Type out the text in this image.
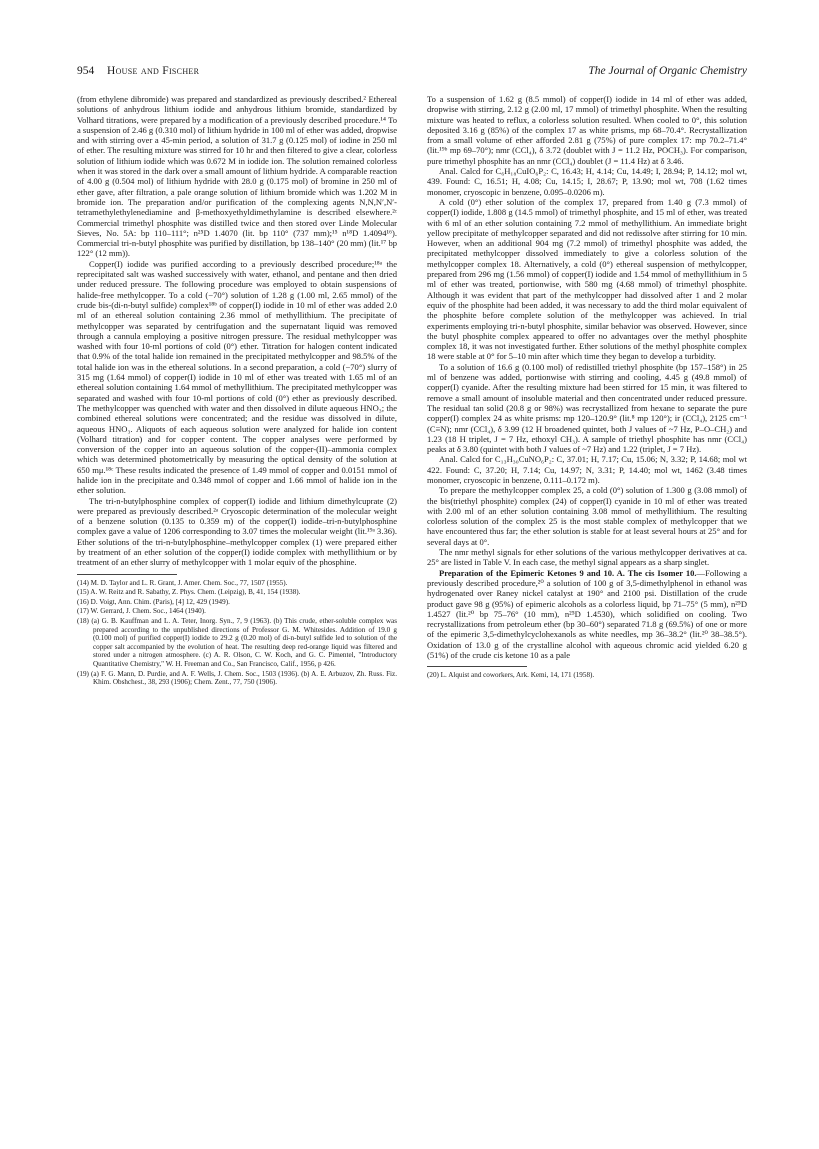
954 House and Fischer	The Journal of Organic Chemistry

(from ethylene dibromide) was prepared and standardized as previously described.² Ethereal solutions of anhydrous lithium iodide and anhydrous lithium bromide, standardized by Volhard titrations, were prepared by a modification of a previously described procedure.¹⁴ To a suspension of 2.46 g (0.310 mol) of lithium hydride in 100 ml of ether was added, dropwise and with stirring over a 45-min period, a solution of 31.7 g (0.125 mol) of iodine in 250 ml of ether. The resulting mixture was stirred for 10 hr and then filtered to give a clear, colorless solution of lithium iodide which was 0.672 M in iodide ion. The solution remained colorless when it was stored in the dark over a small amount of lithium hydride. A comparable reaction of 4.00 g (0.504 mol) of lithium hydride with 28.0 g (0.175 mol) of bromine in 250 ml of ether gave, after filtration, a pale orange solution of lithium bromide which was 1.202 M in bromide ion. The preparation and/or purification of the complexing agents N,N,N′,N′-tetramethylethylenediamine and β-methoxyethyldimethylamine is described elsewhere.²ᶜ Commercial trimethyl phosphite was distilled twice and then stored over Linde Molecular Sieves, No. 5A: bp 110–111°; n²⁵D 1.4070 (lit. bp 110° (737 mm);¹⁵ n¹⁸D 1.4094¹⁶). Commercial tri-n-butyl phosphite was purified by distillation, bp 138–140° (20 mm) (lit.¹⁷ bp 122° (12 mm)).

Copper(I) iodide was purified according to a previously described procedure;¹⁸ᵃ the reprecipitated salt was washed successively with water, ethanol, and pentane and then dried under reduced pressure. The following procedure was employed to obtain suspensions of halide-free methylcopper. To a cold (−70°) solution of 1.28 g (1.00 ml, 2.65 mmol) of the crude bis-(di-n-butyl sulfide) complex¹⁸ᵇ of copper(I) iodide in 10 ml of ether was added 2.0 ml of an ethereal solution containing 2.36 mmol of methyllithium. The precipitate of methylcopper was separated by centrifugation and the supernatant liquid was removed through a cannula employing a positive nitrogen pressure. The residual methylcopper was washed with four 10-ml portions of cold (0°) ether. Titration for halogen content indicated that 0.9% of the total halide ion remained in the precipitated methylcopper and 98.5% of the total halide ion was in the ethereal solutions. In a second preparation, a cold (−70°) slurry of 315 mg (1.64 mmol) of copper(I) iodide in 10 ml of ether was treated with 1.65 ml of an ethereal solution containing 1.64 mmol of methyllithium. The precipitated methylcopper was separated and washed with four 10-ml portions of cold (0°) ether as previously described. The methylcopper was quenched with water and then dissolved in dilute aqueous HNO₃; the combined ethereal solutions were concentrated; and the residue was dissolved in dilute, aqueous HNO₃. Aliquots of each aqueous solution were analyzed for halide ion content (Volhard titration) and for copper content. The copper analyses were performed by conversion of the copper into an aqueous solution of the copper-(II)–ammonia complex which was determined photometrically by measuring the optical density of the solution at 650 mμ.¹⁸ᶜ These results indicated the presence of 1.49 mmol of copper and 0.0151 mmol of halide ion in the precipitate and 0.348 mmol of copper and 1.66 mmol of halide ion in the ether solution.

The tri-n-butylphosphine complex of copper(I) iodide and lithium dimethylcuprate (2) were prepared as previously described.²ᵃ Cryoscopic determination of the molecular weight of a benzene solution (0.135 to 0.359 m) of the copper(I) iodide–tri-n-butylphosphine complex gave a value of 1206 corresponding to 3.07 times the molecular weight (lit.¹⁹ᵃ 3.36). Ether solutions of the tri-n-butylphosphine–methylcopper complex (1) were prepared either by treatment of an ether solution of the copper(I) iodide complex with methyllithium or by treatment of an ether slurry of methylcopper with 1 molar equiv of the phosphine.

(14) M. D. Taylor and L. R. Grant, J. Amer. Chem. Soc., 77, 1507 (1955).

(15) A. W. Reitz and R. Sabathy, Z. Phys. Chem. (Leipzig), B, 41, 154 (1938).

(16) D. Voigt, Ann. Chim. (Paris), [4] 12, 429 (1949).

(17) W. Gerrard, J. Chem. Soc., 1464 (1940).

(18) (a) G. B. Kauffman and L. A. Teter, Inorg. Syn., 7, 9 (1963). (b) This crude, ether-soluble complex was prepared according to the unpublished directions of Professor G. M. Whitesides. Addition of 19.0 g (0.100 mol) of purified copper(I) iodide to 29.2 g (0.20 mol) of di-n-butyl sulfide led to solution of the copper salt accompanied by the evolution of heat. The resulting deep red-orange liquid was filtered and stored under a nitrogen atmosphere. (c) A. R. Olson, C. W. Koch, and G. C. Pimentel, "Introductory Quantitative Chemistry," W. H. Freeman and Co., San Francisco, Calif., 1956, p 426.

(19) (a) F. G. Mann, D. Purdie, and A. F. Wells, J. Chem. Soc., 1503 (1936). (b) A. E. Arbuzov, Zh. Russ. Fiz. Khim. Obshchest., 38, 293 (1906); Chem. Zent., 77, 750 (1906).

To a suspension of 1.62 g (8.5 mmol) of copper(I) iodide in 14 ml of ether was added, dropwise with stirring, 2.12 g (2.00 ml, 17 mmol) of trimethyl phosphite. When the resulting mixture was heated to reflux, a colorless solution resulted. When cooled to 0°, this solution deposited 3.16 g (85%) of the complex 17 as white prisms, mp 68–70.4°. Recrystallization from a small volume of ether afforded 2.81 g (75%) of pure complex 17: mp 70.2–71.4° (lit.¹⁹ᵇ mp 69–70°); nmr (CCl₄), δ 3.72 (doublet with J = 11.2 Hz, POCH₃). For comparison, pure trimethyl phosphite has an nmr (CCl₄) doublet (J = 11.4 Hz) at δ 3.46.

Anal. Calcd for C₆H₁₈CuIO₆P₂: C, 16.43; H, 4.14; Cu, 14.49; I, 28.94; P, 14.12; mol wt, 439. Found: C, 16.51; H, 4.08; Cu, 14.15; I, 28.67; P, 13.90; mol wt, 708 (1.62 times monomer, cryoscopic in benzene, 0.095–0.0206 m).

A cold (0°) ether solution of the complex 17, prepared from 1.40 g (7.3 mmol) of copper(I) iodide, 1.808 g (14.5 mmol) of trimethyl phosphite, and 15 ml of ether, was treated with 6 ml of an ether solution containing 7.2 mmol of methyllithium. An immediate bright yellow precipitate of methylcopper separated and did not redissolve after stirring for 10 min. However, when an additional 904 mg (7.2 mmol) of trimethyl phosphite was added, the precipitated methylcopper dissolved immediately to give a colorless solution of the methylcopper complex 18. Alternatively, a cold (0°) ethereal suspension of methylcopper, prepared from 296 mg (1.56 mmol) of copper(I) iodide and 1.54 mmol of methyllithium in 5 ml of ether was treated, portionwise, with 580 mg (4.68 mmol) of trimethyl phosphite. Although it was evident that part of the methylcopper had dissolved after 1 and 2 molar equiv of the phosphite had been added, it was necessary to add the third molar equivalent of the phosphite before complete solution of the methylcopper was achieved. In trial experiments employing tri-n-butyl phosphite, similar behavior was observed. However, since the butyl phosphite complex appeared to offer no advantages over the methyl phosphite complex 18, it was not investigated further. Ether solutions of the methyl phosphite complex 18 were stable at 0° for 5–10 min after which time they began to develop a turbidity.

To a solution of 16.6 g (0.100 mol) of redistilled triethyl phosphite (bp 157–158°) in 25 ml of benzene was added, portionwise with stirring and cooling, 4.45 g (49.8 mmol) of copper(I) cyanide. After the resulting mixture had been stirred for 15 min, it was filtered to remove a small amount of insoluble material and then concentrated under reduced pressure. The residual tan solid (20.8 g or 98%) was recrystallized from hexane to separate the pure copper(I) complex 24 as white prisms: mp 120–120.9° (lit.⁸ mp 120°); ir (CCl₄), 2125 cm⁻¹ (C≡N); nmr (CCl₄), δ 3.99 (12 H broadened quintet, both J values of ~7 Hz, P–O–CH₂) and 1.23 (18 H triplet, J = 7 Hz, ethoxyl CH₃). A sample of triethyl phosphite has nmr (CCl₄) peaks at δ 3.80 (quintet with both J values of ~7 Hz) and 1.22 (triplet, J = 7 Hz).

Anal. Calcd for C₁₃H₃₀CuNO₆P₂: C, 37.01; H, 7.17; Cu, 15.06; N, 3.32; P, 14.68; mol wt 422. Found: C, 37.20; H, 7.14; Cu, 14.97; N, 3.31; P, 14.40; mol wt, 1462 (3.48 times monomer, cryoscopic in benzene, 0.111–0.172 m).

To prepare the methylcopper complex 25, a cold (0°) solution of 1.300 g (3.08 mmol) of the bis(triethyl phosphite) complex (24) of copper(I) cyanide in 10 ml of ether was treated with 2.00 ml of an ether solution containing 3.08 mmol of methyllithium. The resulting colorless solution of the complex 25 is the most stable complex of methylcopper that we have encountered thus far; the ether solution is stable for at least several hours at 25° and for several days at 0°.

The nmr methyl signals for ether solutions of the various methylcopper derivatives at ca. 25° are listed in Table V. In each case, the methyl signal appears as a sharp singlet.

Preparation of the Epimeric Ketones 9 and 10. A. The cis Isomer 10.—Following a previously described procedure,²⁰ a solution of 100 g of 3,5-dimethylphenol in ethanol was hydrogenated over Raney nickel catalyst at 190° and 2100 psi. Distillation of the crude product gave 98 g (95%) of epimeric alcohols as a colorless liquid, bp 71–75° (5 mm), n²⁵D 1.4527 (lit.²⁰ bp 75–76° (10 mm), n²⁵D 1.4530), which solidified on cooling. Two recrystallizations from petroleum ether (bp 30–60°) separated 71.8 g (69.5%) of one or more of the epimeric 3,5-dimethylcyclohexanols as white needles, mp 36–38.2° (lit.²⁰ 38–38.5°). Oxidation of 13.0 g of the crystalline alcohol with aqueous chromic acid yielded 6.20 g (51%) of the crude cis ketone 10 as a pale

(20) L. Alquist and coworkers, Ark. Kemi, 14, 171 (1958).
